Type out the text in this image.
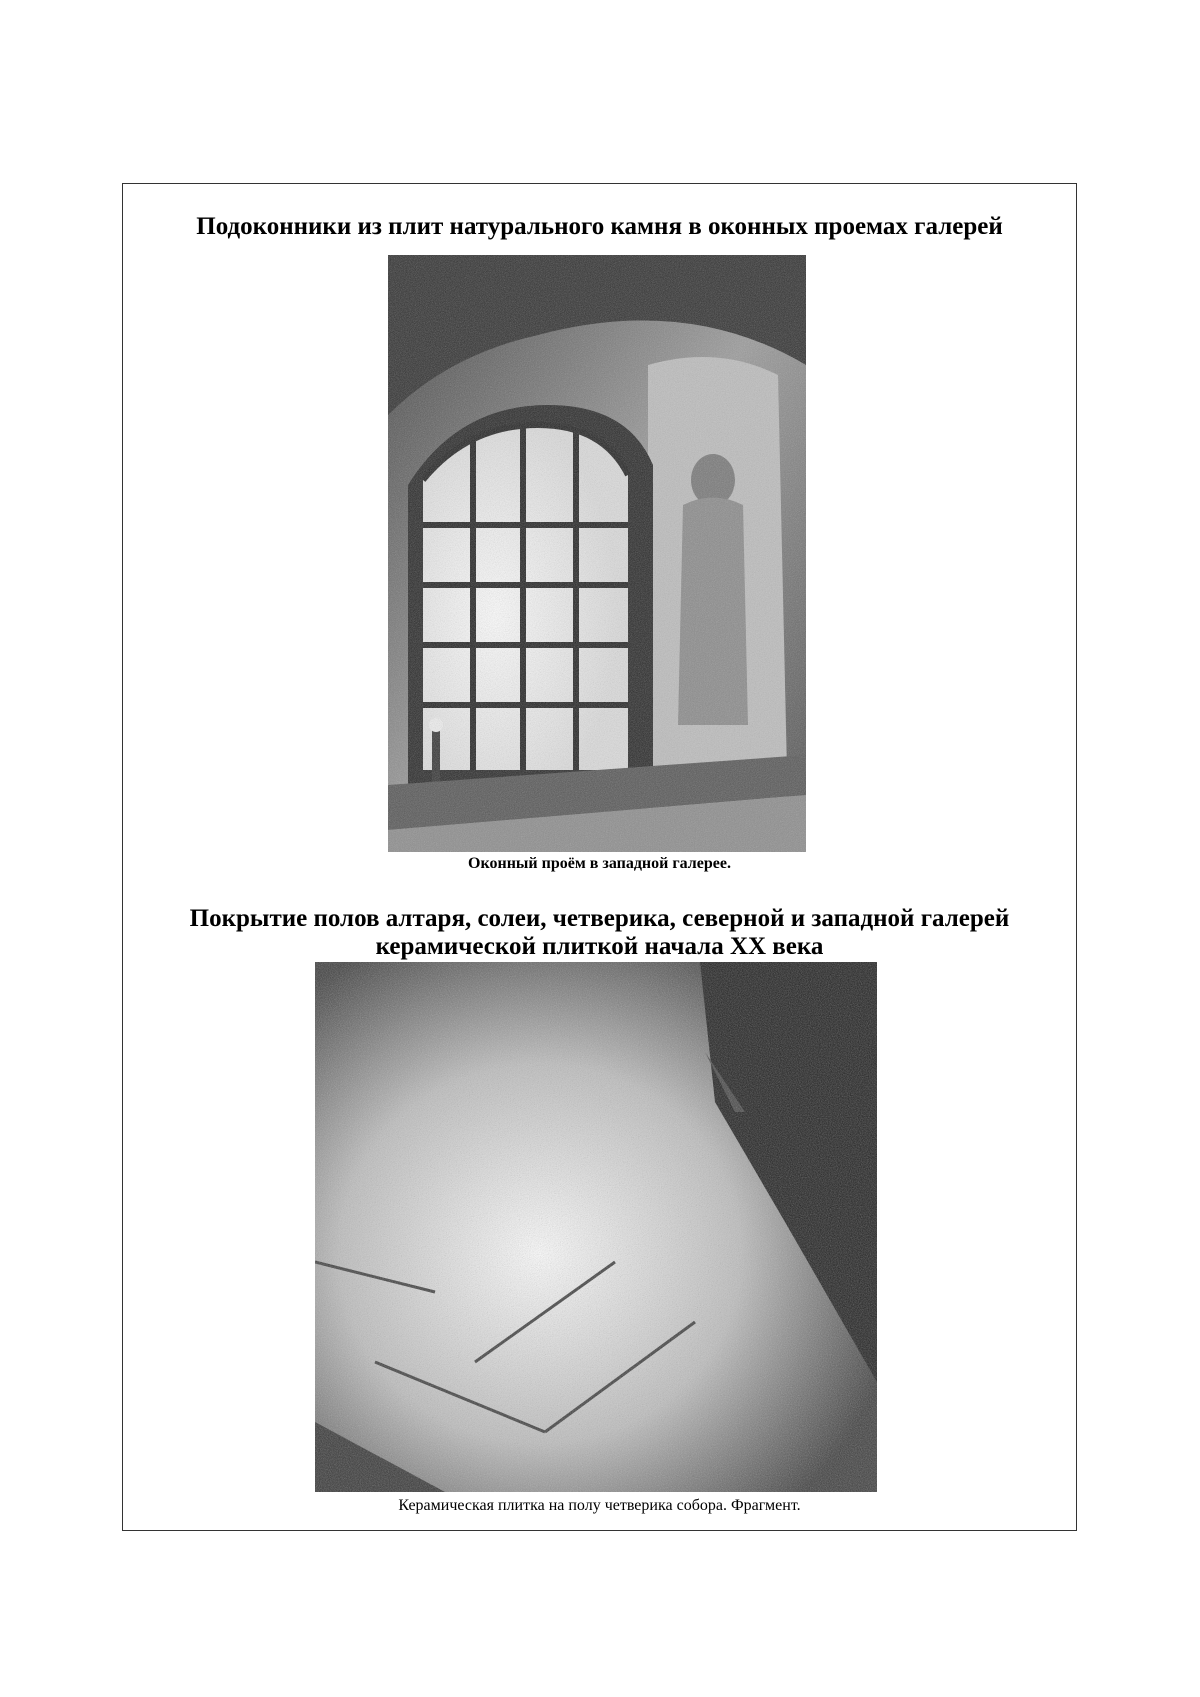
Подоконники из плит натурального камня в оконных проемах галерей
Оконный проём в западной галерее.
Покрытие полов алтаря, солеи, четверика, северной и западной галерей
керамической плиткой начала XX века
Керамическая плитка на полу четверика собора. Фрагмент.
